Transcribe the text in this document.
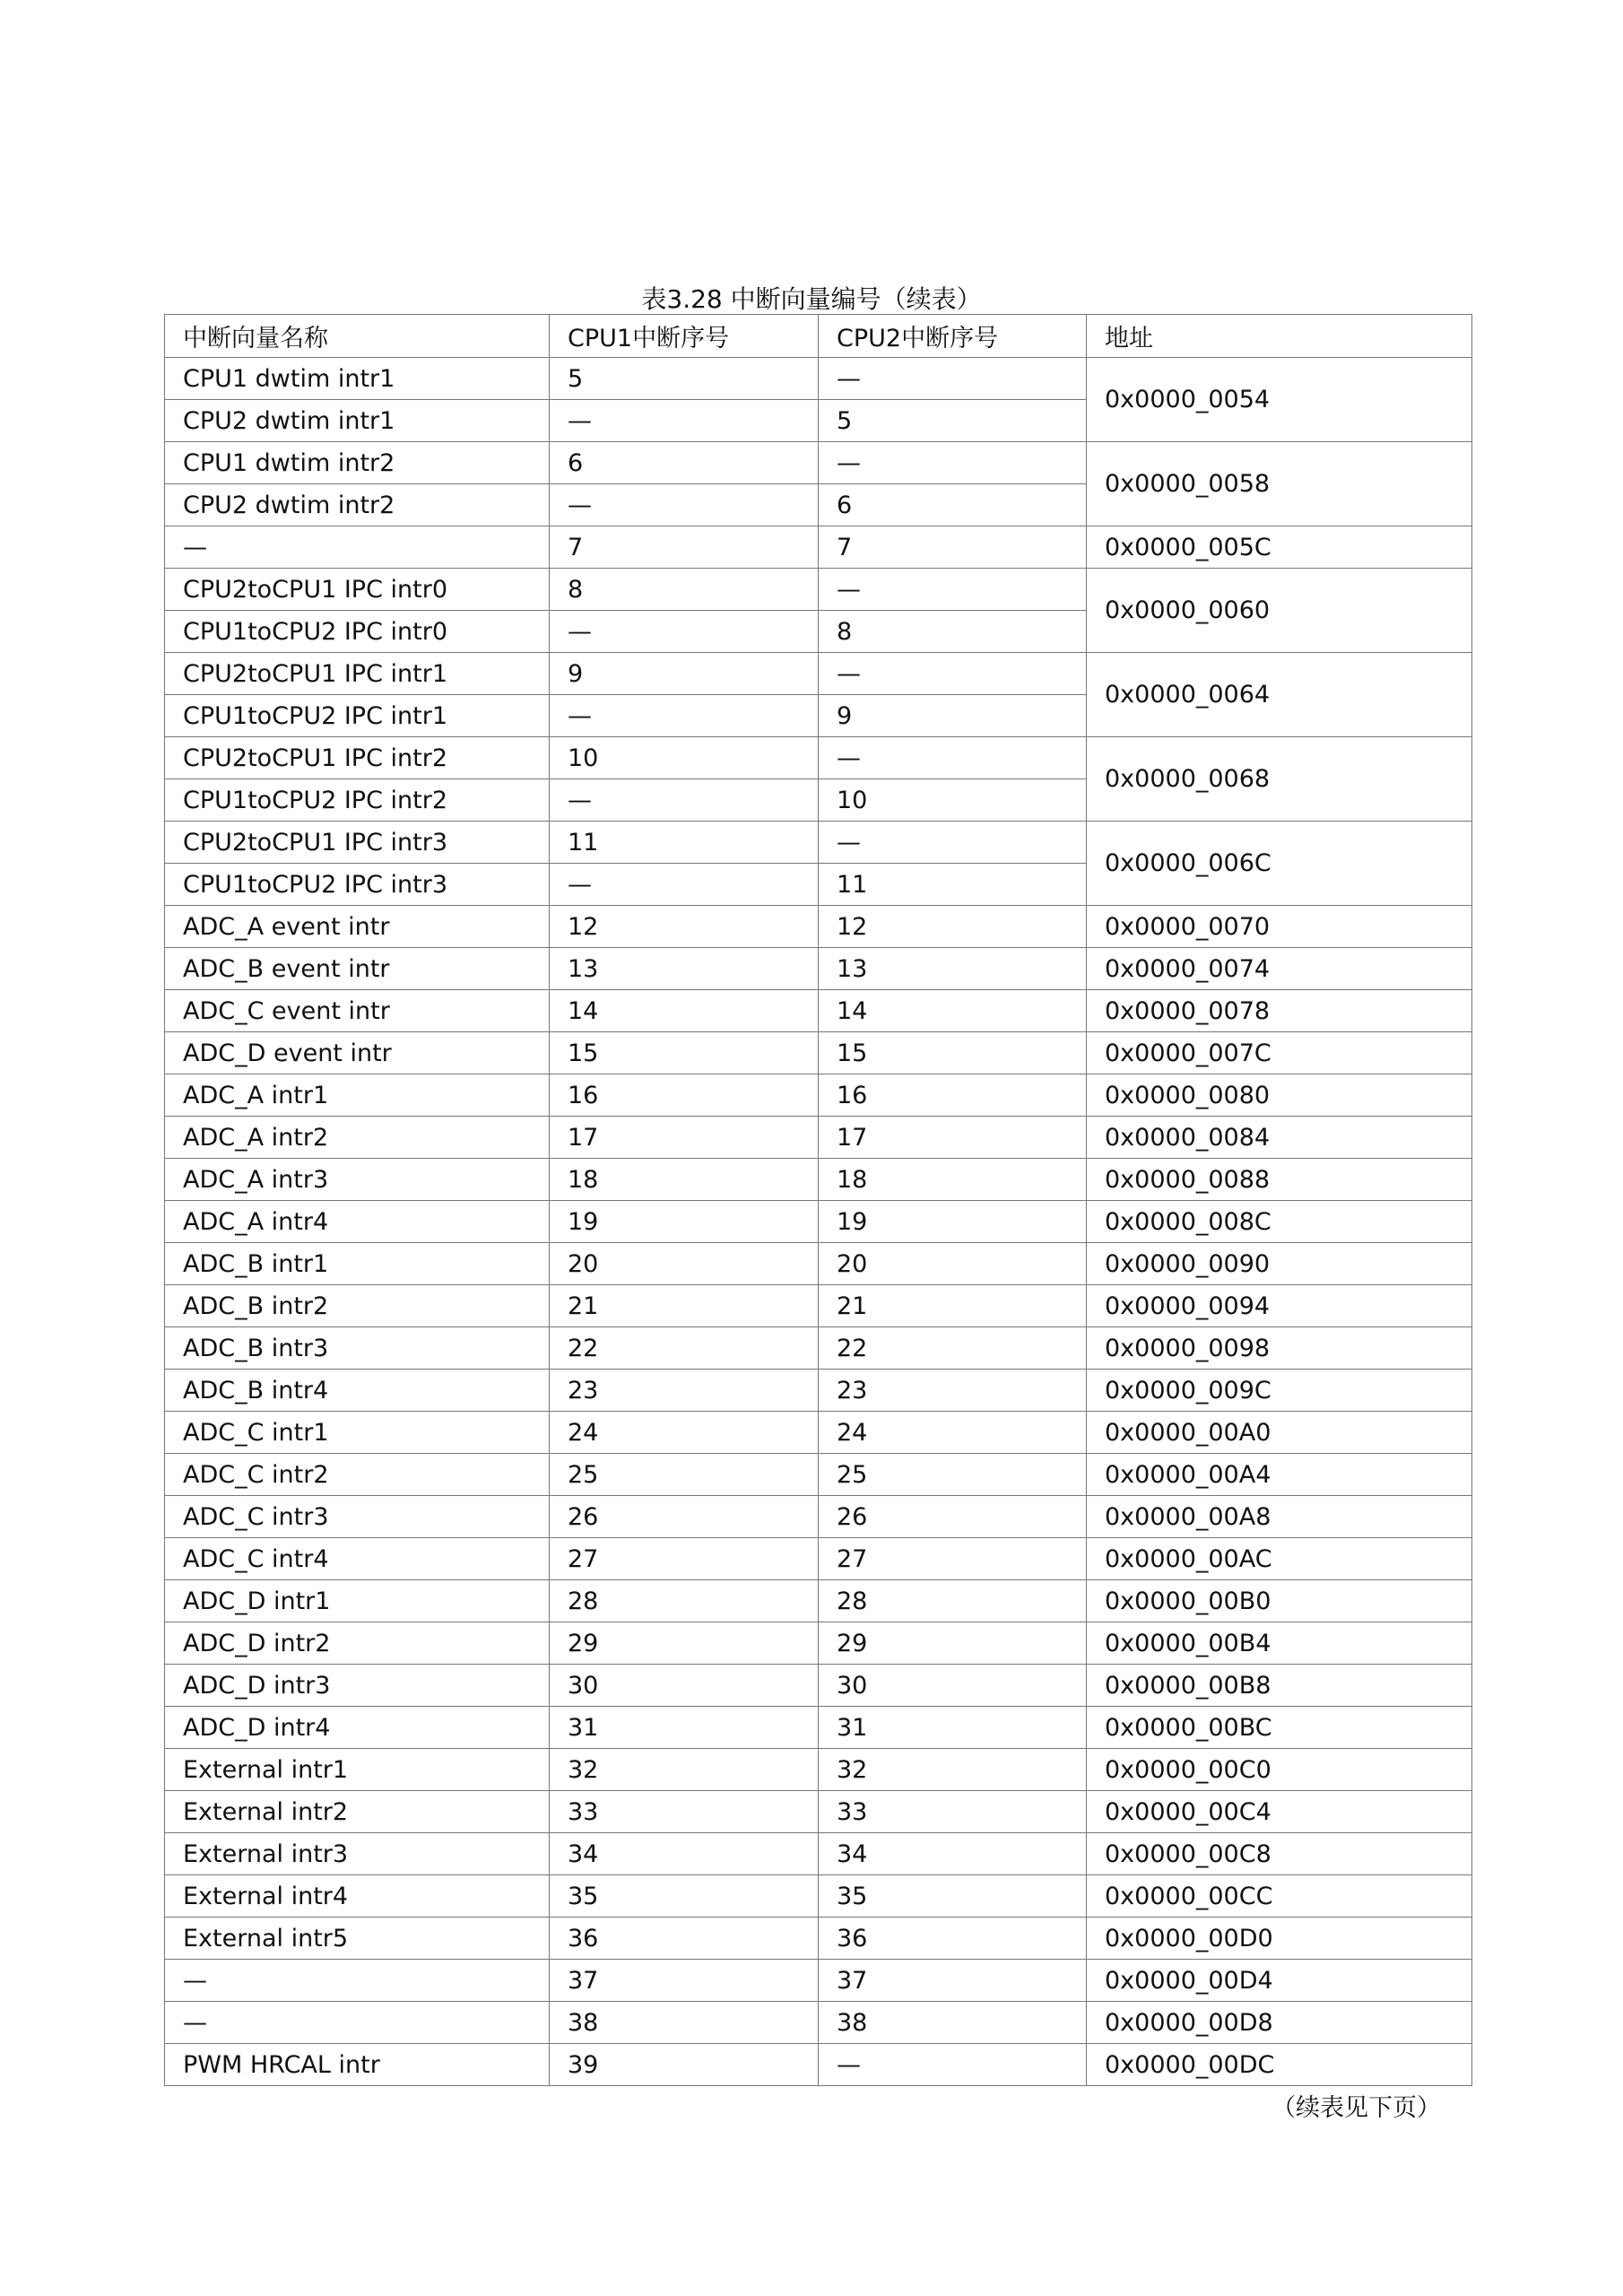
表3.28 中断向量编号（续表）
中断向量名称	CPU1中断序号	CPU2中断序号	地址
CPU1 dwtim intr1	5	—	0x0000_0054
CPU2 dwtim intr1	—	5	
CPU1 dwtim intr2	6	—	0x0000_0058
CPU2 dwtim intr2	—	6	
—	7	7	0x0000_005C
CPU2toCPU1 IPC intr0	8	—	0x0000_0060
CPU1toCPU2 IPC intr0	—	8	
CPU2toCPU1 IPC intr1	9	—	0x0000_0064
CPU1toCPU2 IPC intr1	—	9	
CPU2toCPU1 IPC intr2	10	—	0x0000_0068
CPU1toCPU2 IPC intr2	—	10	
CPU2toCPU1 IPC intr3	11	—	0x0000_006C
CPU1toCPU2 IPC intr3	—	11	
ADC_A event intr	12	12	0x0000_0070
ADC_B event intr	13	13	0x0000_0074
ADC_C event intr	14	14	0x0000_0078
ADC_D event intr	15	15	0x0000_007C
ADC_A intr1	16	16	0x0000_0080
ADC_A intr2	17	17	0x0000_0084
ADC_A intr3	18	18	0x0000_0088
ADC_A intr4	19	19	0x0000_008C
ADC_B intr1	20	20	0x0000_0090
ADC_B intr2	21	21	0x0000_0094
ADC_B intr3	22	22	0x0000_0098
ADC_B intr4	23	23	0x0000_009C
ADC_C intr1	24	24	0x0000_00A0
ADC_C intr2	25	25	0x0000_00A4
ADC_C intr3	26	26	0x0000_00A8
ADC_C intr4	27	27	0x0000_00AC
ADC_D intr1	28	28	0x0000_00B0
ADC_D intr2	29	29	0x0000_00B4
ADC_D intr3	30	30	0x0000_00B8
ADC_D intr4	31	31	0x0000_00BC
External intr1	32	32	0x0000_00C0
External intr2	33	33	0x0000_00C4
External intr3	34	34	0x0000_00C8
External intr4	35	35	0x0000_00CC
External intr5	36	36	0x0000_00D0
—	37	37	0x0000_00D4
—	38	38	0x0000_00D8
PWM HRCAL intr	39	—	0x0000_00DC
（续表见下页）
